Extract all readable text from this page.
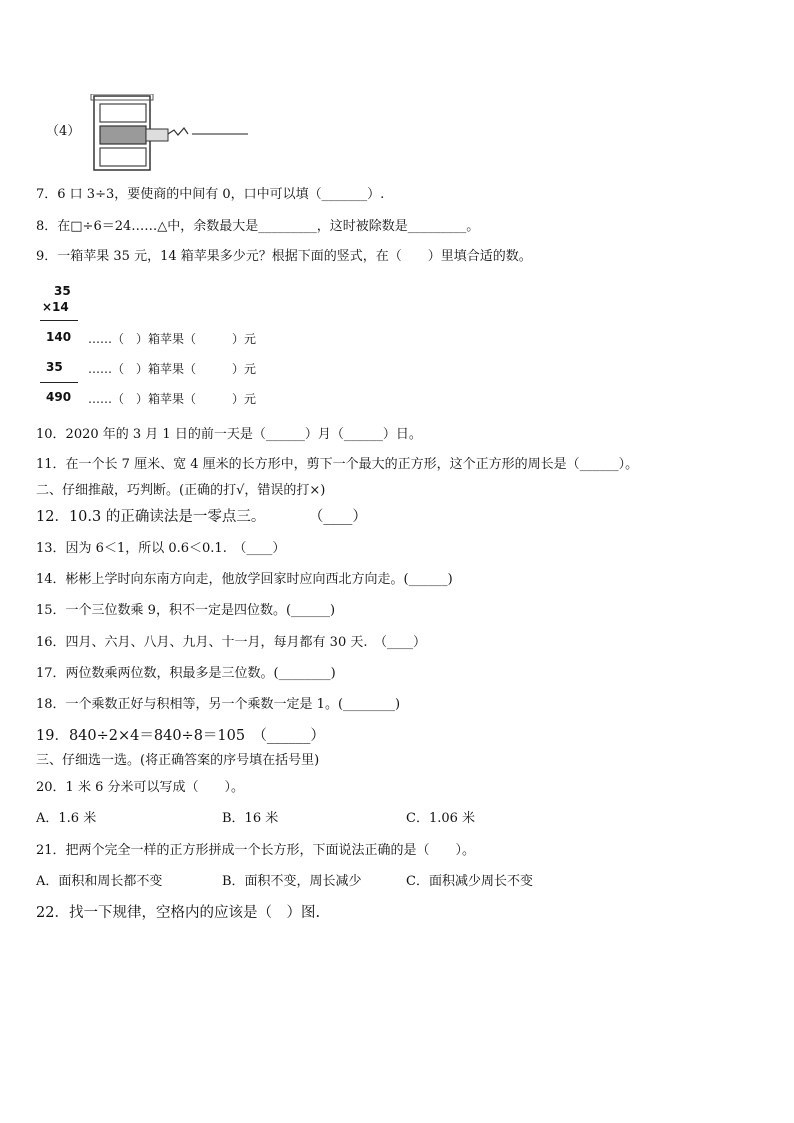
（4）
7．6 口 3÷3，要使商的中间有 0，口中可以填（_______）.
8．在□÷6＝24……△中，余数最大是_________，这时被除数是_________。
9．一箱苹果 35 元，14 箱苹果多少元？根据下面的竖式，在（　　）里填合适的数。
35
×14
140 ……（　）箱苹果（　　　）元
35 ……（　）箱苹果（　　　）元
490 ……（　）箱苹果（　　　）元
10．2020 年的 3 月 1 日的前一天是（______）月（______）日。
11．在一个长 7 厘米、宽 4 厘米的长方形中，剪下一个最大的正方形，这个正方形的周长是（______）。
二、仔细推敲，巧判断。(正确的打√，错误的打×)
12．10.3 的正确读法是一零点三。　　　　（____）
13．因为 6＜1，所以 0.6＜0.1.　（____）
14．彬彬上学时向东南方向走，他放学回家时应向西北方向走。(______)
15．一个三位数乘 9，积不一定是四位数。(______)
16．四月、六月、八月、九月、十一月，每月都有 30 天.　（____）
17．两位数乘两位数，积最多是三位数。(________)
18．一个乘数正好与积相等，另一个乘数一定是 1。(________)
19．840÷2×4＝840÷8＝105　（______）
三、仔细选一选。(将正确答案的序号填在括号里)
20．1 米 6 分米可以写成（　　）。
A．1.6 米	B．16 米	C．1.06 米
21．把两个完全一样的正方形拼成一个长方形，下面说法正确的是（　　）。
A．面积和周长都不变	B．面积不变，周长减少	C．面积减少周长不变
22．找一下规律，空格内的应该是（　）图.
